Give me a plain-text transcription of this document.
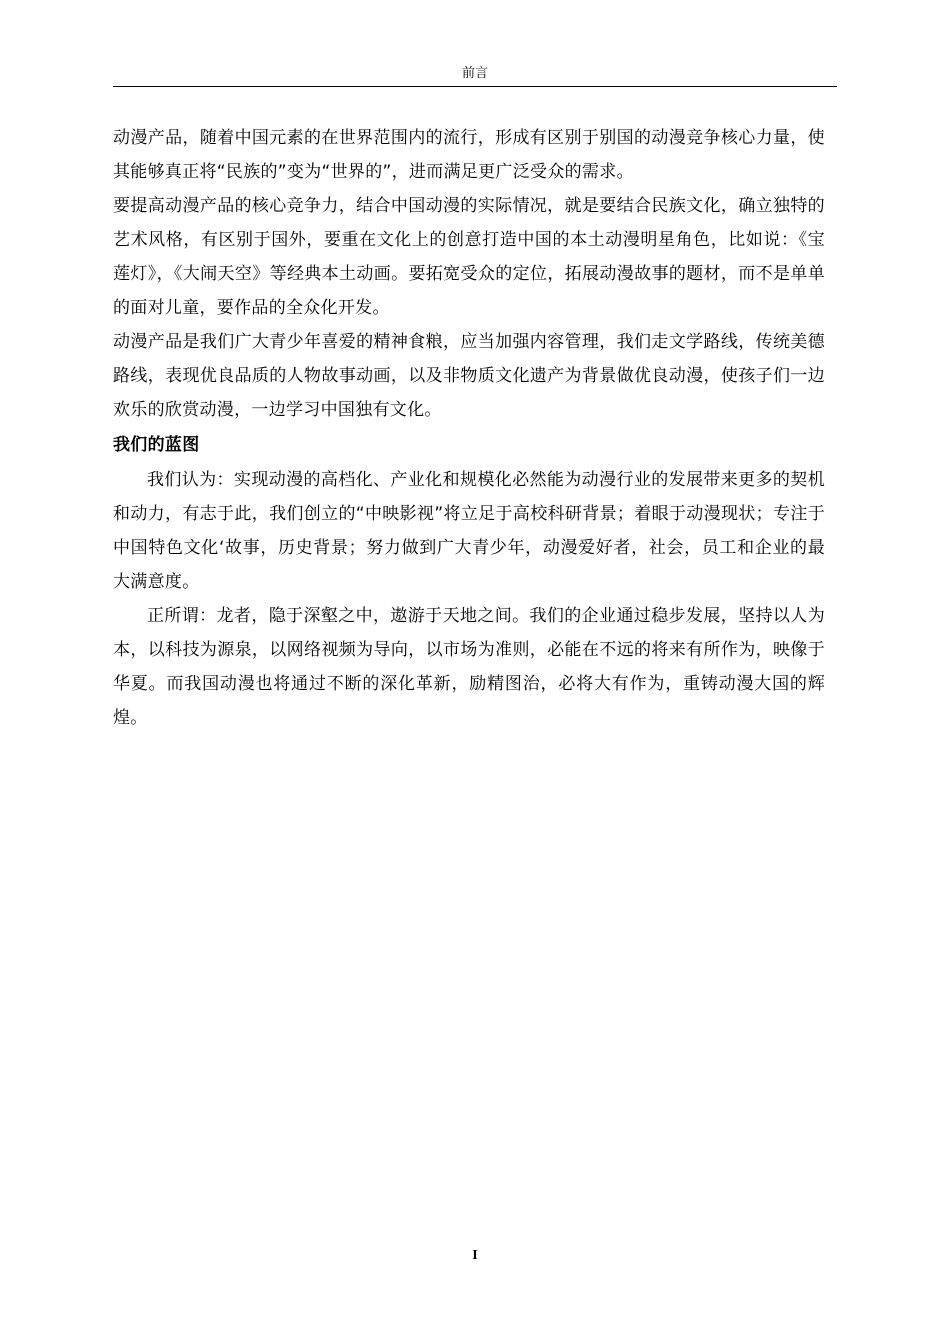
前言

动漫产品，随着中国元素的在世界范围内的流行，形成有区别于别国的动漫竞争核心力量，使其能够真正将“民族的”变为“世界的”，进而满足更广泛受众的需求。

要提高动漫产品的核心竞争力，结合中国动漫的实际情况，就是要结合民族文化，确立独特的艺术风格，有区别于国外，要重在文化上的创意打造中国的本土动漫明星角色，比如说：《宝莲灯》，《大闹天空》等经典本土动画。要拓宽受众的定位，拓展动漫故事的题材，而不是单单的面对儿童，要作品的全众化开发。

动漫产品是我们广大青少年喜爱的精神食粮，应当加强内容管理，我们走文学路线，传统美德路线，表现优良品质的人物故事动画，以及非物质文化遗产为背景做优良动漫，使孩子们一边欢乐的欣赏动漫，一边学习中国独有文化。

我们的蓝图

我们认为：实现动漫的高档化、产业化和规模化必然能为动漫行业的发展带来更多的契机和动力，有志于此，我们创立的“中映影视”将立足于高校科研背景；着眼于动漫现状；专注于中国特色文化‘故事，历史背景；努力做到广大青少年，动漫爱好者，社会，员工和企业的最大满意度。

正所谓：龙者，隐于深壑之中，遨游于天地之间。我们的企业通过稳步发展，坚持以人为本，以科技为源泉，以网络视频为导向，以市场为准则，必能在不远的将来有所作为，映像于华夏。而我国动漫也将通过不断的深化革新，励精图治，必将大有作为，重铸动漫大国的辉煌。

I
